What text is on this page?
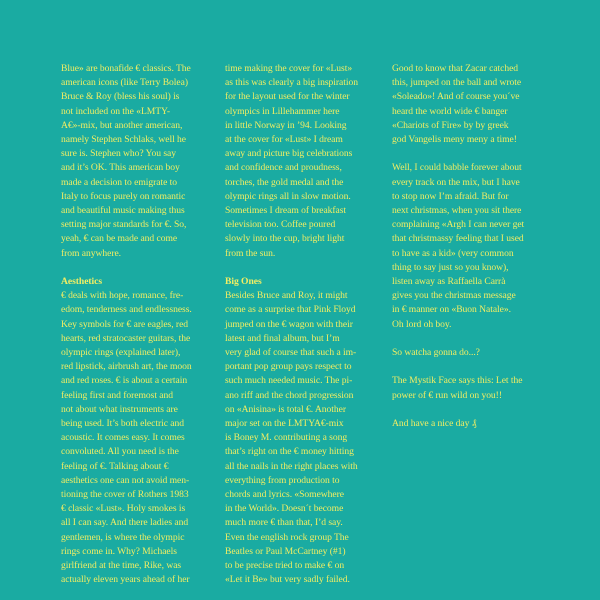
Blue» are bonafide € classics. The
american icons (like Terry Bolea)
Bruce & Roy (bless his soul) is
not included on the «LMTY-
A€»-mix, but another american,
namely Stephen Schlaks, well he
sure is. Stephen who? You say
and it’s OK. This american boy
made a decision to emigrate to
Italy to focus purely on romantic
and beautiful music making thus
setting major standards for €. So,
yeah, € can be made and come
from anywhere.

Aesthetics

€ deals with hope, romance, fre-
edom, tenderness and endlessness.
Key symbols for € are eagles, red
hearts, red stratocaster guitars, the
olympic rings (explained later),
red lipstick, airbrush art, the moon
and red roses. € is about a certain
feeling first and foremost and
not about what instruments are
being used. It’s both electric and
acoustic. It comes easy. It comes
convoluted. All you need is the
feeling of €. Talking about €
aesthetics one can not avoid men-
tioning the cover of Rothers 1983
€ classic «Lust». Holy smokes is
all I can say. And there ladies and
gentlemen, is where the olympic
rings come in. Why? Michaels
girlfriend at the time, Rike, was
actually eleven years ahead of her

time making the cover for «Lust»
as this was clearly a big inspiration
for the layout used for the winter
olympics in Lillehammer here
in little Norway in ’94. Looking
at the cover for «Lust» I dream
away and picture big celebrations
and confidence and proudness,
torches, the gold medal and the
olympic rings all in slow motion.
Sometimes I dream of breakfast
television too. Coffee poured
slowly into the cup, bright light
from the sun.

Big Ones

Besides Bruce and Roy, it might
come as a surprise that Pink Floyd
jumped on the € wagon with their
latest and final album, but I’m
very glad of course that such a im-
portant pop group pays respect to
such much needed music. The pi-
ano riff and the chord progression
on «Anisina» is total €. Another
major set on the LMTYA€-mix
is Boney M. contributing a song
that’s right on the € money hitting
all the nails in the right places with
everything from production to
chords and lyrics. «Somewhere
in the World». Doesn´t become
much more € than that, I’d say.
Even the english rock group The
Beatles or Paul McCartney (#1)
to be precise tried to make € on
«Let it Be» but very sadly failed.

Good to know that Zacar catched
this, jumped on the ball and wrote
«Soleado»! And of course you´ve
heard the world wide € banger
«Chariots of Fire» by by greek
god Vangelis meny meny a time!

Well, I could babble forever about
every track on the mix, but I have
to stop now I’m afraid. But for
next christmas, when you sit there
complaining «Argh I can never get
that christmassy feeling that I used
to have as a kid» (very common
thing to say just so you know),
listen away as Raffaella Carrà
gives you the christmas message
in € manner on «Buon Natale».
Oh lord oh boy.

So watcha gonna do...?

The Mystik Face says this: Let the
power of € run wild on you!!

And have a nice day ₰
